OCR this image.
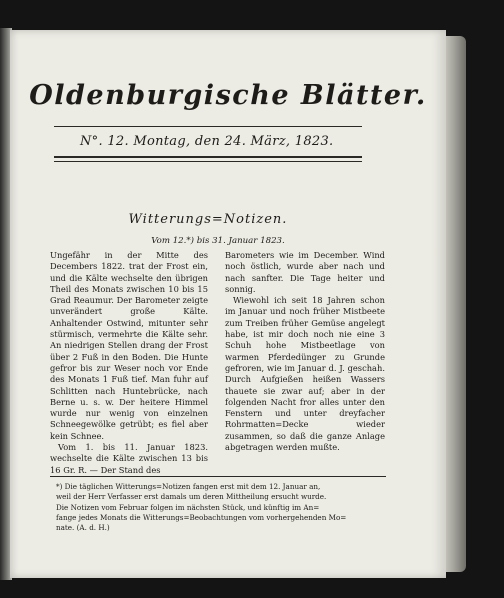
Oldenburgische Blätter.
N°. 12. Montag, den 24. März, 1823.
Witterungs=Notizen.
Vom 12.*) bis 31. Januar 1823.

Ungefähr in der Mitte des Decembers 1822. trat der Frost ein, und die Kälte wechselte den übrigen Theil des Monats zwischen 10 bis 15 Grad Reaumur. Der Barometer zeigte unverändert große Kälte. Anhaltender Ostwind, mitunter sehr stürmisch, vermehrte die Kälte sehr. An niedrigen Stellen drang der Frost über 2 Fuß in den Boden. Die Hunte gefror bis zur Weser noch vor Ende des Monats 1 Fuß tief. Man fuhr auf Schlitten nach Huntebrücke, nach Berne u. s. w. Der heitere Himmel wurde nur wenig von einzelnen Schneegewölke getrübt; es fiel aber kein Schnee.

Vom 1. bis 11. Januar 1823. wechselte die Kälte zwischen 13 bis 16 Gr. R. — Der Stand des

Barometers wie im December. Wind noch östlich, wurde aber nach und nach sanfter. Die Tage heiter und sonnig.

Wiewohl ich seit 18 Jahren schon im Januar und noch früher Mistbeete zum Treiben früher Gemüse angelegt habe, ist mir doch noch nie eine 3 Schuh hohe Mistbeetlage von warmen Pferdedünger zu Grunde gefroren, wie im Januar d. J. geschah. Durch Aufgießen heißen Wassers thauete sie zwar auf; aber in der folgenden Nacht fror alles unter den Fenstern und unter dreyfacher Rohrmatten=Decke wieder zusammen, so daß die ganze Anlage abgetragen werden mußte.

*) Die täglichen Witterungs=Notizen fangen erst mit dem 12. Januar an,
weil der Herr Verfasser erst damals um deren Mittheilung ersucht wurde.
Die Notizen vom Februar folgen im nächsten Stück, und künftig im An=
fange jedes Monats die Witterungs=Beobachtungen vom vorhergehenden Mo=
nate. (A. d. H.)
